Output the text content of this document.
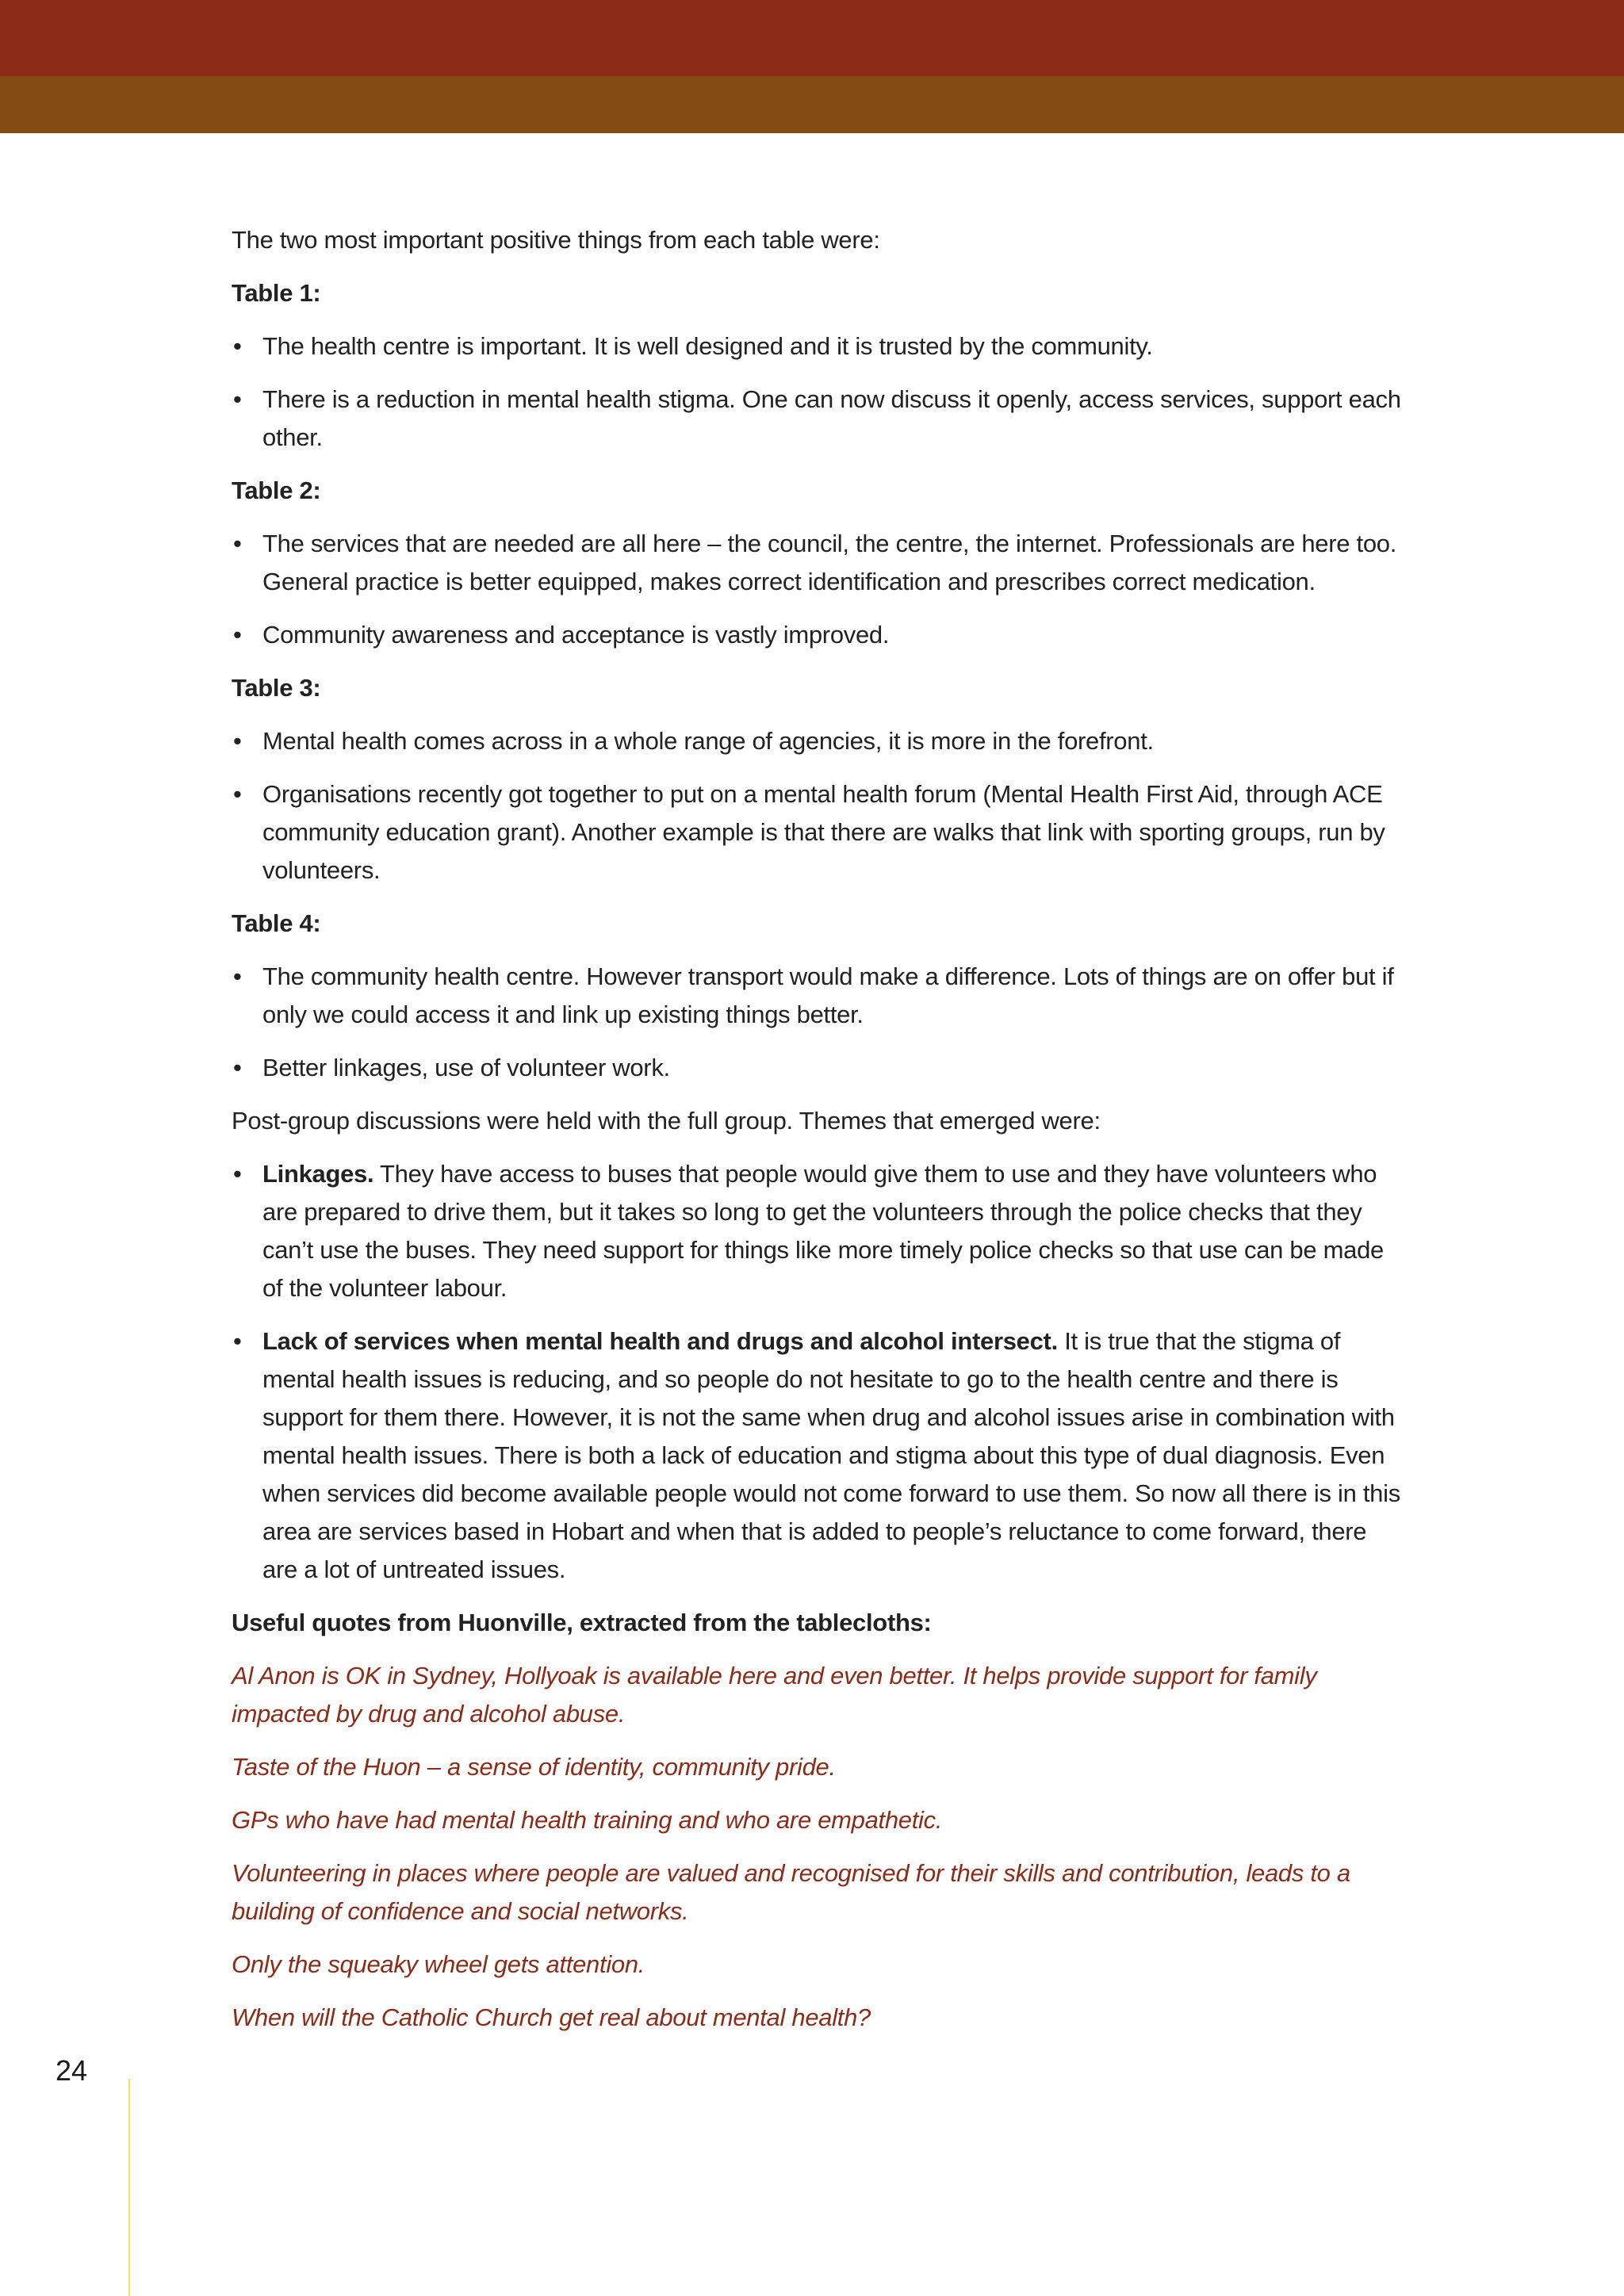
The two most important positive things from each table were:

Table 1:

• The health centre is important. It is well designed and it is trusted by the community.
• There is a reduction in mental health stigma. One can now discuss it openly, access services, support each other.

Table 2:

• The services that are needed are all here – the council, the centre, the internet. Professionals are here too. General practice is better equipped, makes correct identification and prescribes correct medication.
• Community awareness and acceptance is vastly improved.

Table 3:

• Mental health comes across in a whole range of agencies, it is more in the forefront.
• Organisations recently got together to put on a mental health forum (Mental Health First Aid, through ACE community education grant). Another example is that there are walks that link with sporting groups, run by volunteers.

Table 4:

• The community health centre. However transport would make a difference. Lots of things are on offer but if only we could access it and link up existing things better.
• Better linkages, use of volunteer work.

Post-group discussions were held with the full group. Themes that emerged were:

• Linkages. They have access to buses that people would give them to use and they have volunteers who are prepared to drive them, but it takes so long to get the volunteers through the police checks that they can’t use the buses. They need support for things like more timely police checks so that use can be made of the volunteer labour.
• Lack of services when mental health and drugs and alcohol intersect. It is true that the stigma of mental health issues is reducing, and so people do not hesitate to go to the health centre and there is support for them there. However, it is not the same when drug and alcohol issues arise in combination with mental health issues. There is both a lack of education and stigma about this type of dual diagnosis. Even when services did become available people would not come forward to use them. So now all there is in this area are services based in Hobart and when that is added to people’s reluctance to come forward, there are a lot of untreated issues.

Useful quotes from Huonville, extracted from the tablecloths:

Al Anon is OK in Sydney, Hollyoak is available here and even better. It helps provide support for family impacted by drug and alcohol abuse.

Taste of the Huon – a sense of identity, community pride.

GPs who have had mental health training and who are empathetic.

Volunteering in places where people are valued and recognised for their skills and contribution, leads to a building of confidence and social networks.

Only the squeaky wheel gets attention.

When will the Catholic Church get real about mental health?

24
